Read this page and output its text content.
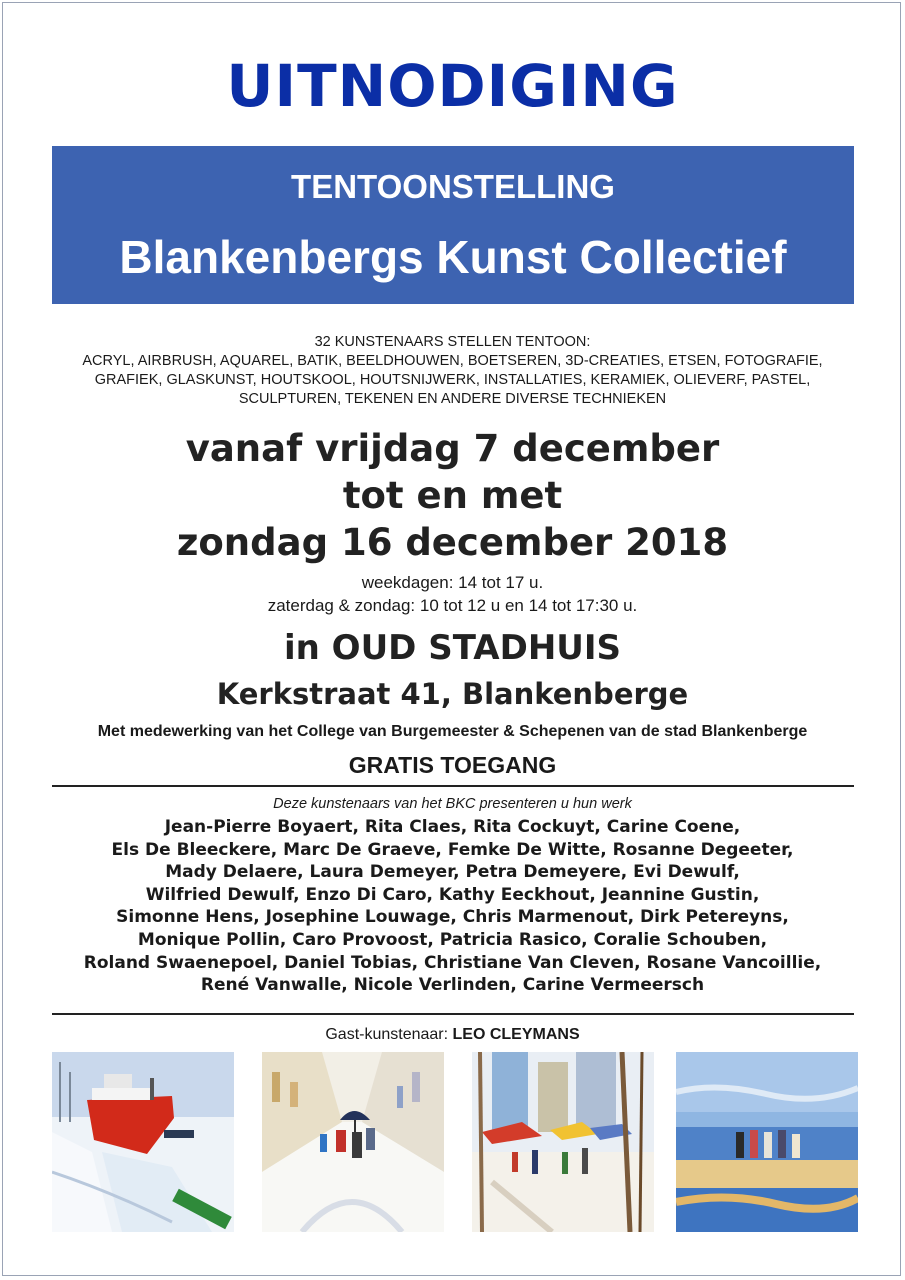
UITNODIGING
TENTOONSTELLING
Blankenbergs Kunst Collectief
32 KUNSTENAARS STELLEN TENTOON:
ACRYL, AIRBRUSH, AQUAREL, BATIK, BEELDHOUWEN, BOETSEREN, 3D-CREATIES, ETSEN, FOTOGRAFIE,
GRAFIEK, GLASKUNST, HOUTSKOOL, HOUTSNIJWERK, INSTALLATIES, KERAMIEK, OLIEVERF, PASTEL,
SCULPTUREN, TEKENEN EN ANDERE DIVERSE TECHNIEKEN
vanaf vrijdag 7 december
tot en met
zondag 16 december 2018
weekdagen: 14 tot 17 u.
zaterdag & zondag: 10 tot 12 u en 14 tot 17:30 u.
in OUD STADHUIS
Kerkstraat 41, Blankenberge
Met medewerking van het College van Burgemeester & Schepenen van de stad Blankenberge
GRATIS TOEGANG
Deze kunstenaars van het BKC presenteren u hun werk
Jean-Pierre Boyaert, Rita Claes, Rita Cockuyt, Carine Coene,
Els De Bleeckere, Marc De Graeve, Femke De Witte, Rosanne Degeeter,
Mady Delaere, Laura Demeyer, Petra Demeyere, Evi Dewulf,
Wilfried Dewulf, Enzo Di Caro, Kathy Eeckhout, Jeannine Gustin,
Simonne Hens, Josephine Louwage, Chris Marmenout, Dirk Petereyns,
Monique Pollin, Caro Provoost, Patricia Rasico, Coralie Schouben,
Roland Swaenepoel, Daniel Tobias, Christiane Van Cleven, Rosane Vancoillie,
René Vanwalle, Nicole Verlinden, Carine Vermeersch
Gast-kunstenaar: LEO CLEYMANS
